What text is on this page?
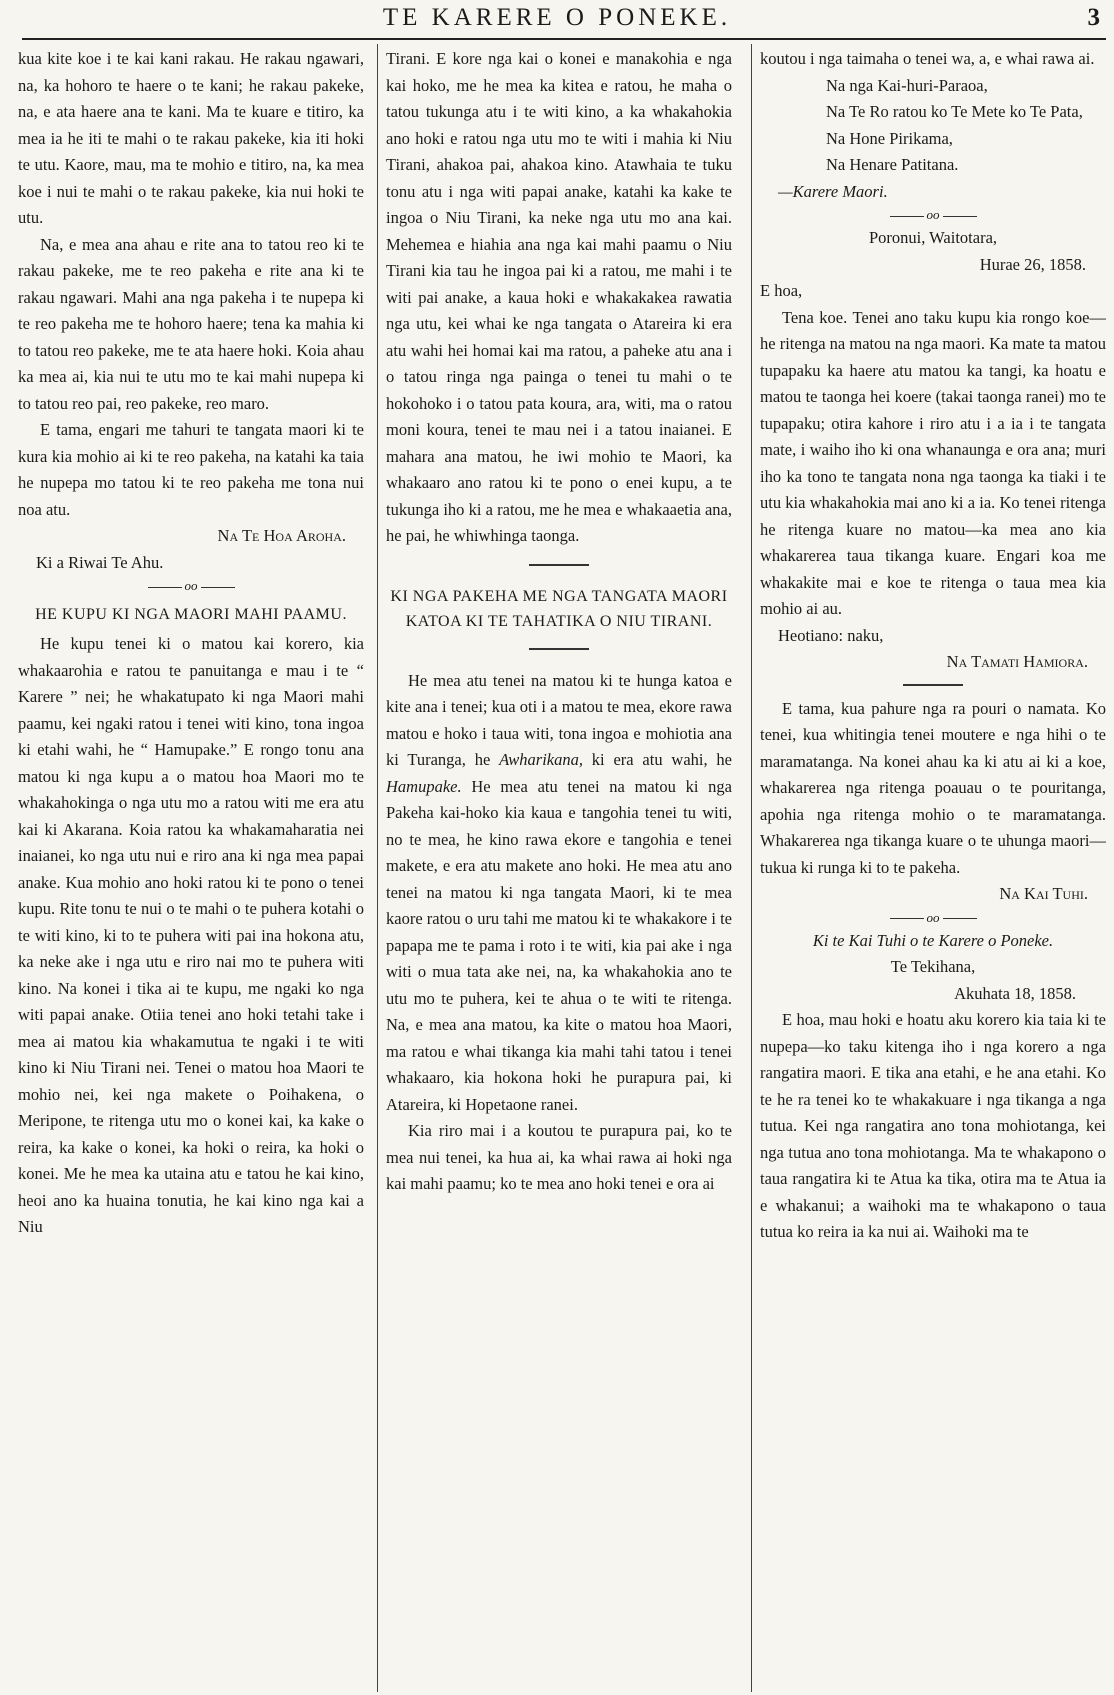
TE KARERE O PONEKE.	3

kua kite koe i te kai kani rakau. He rakau ngawari, na, ka hohoro te haere o te kani; he rakau pakeke, na, e ata haere ana te kani. Ma te kuare e titiro, ka mea ia he iti te mahi o te rakau pakeke, kia iti hoki te utu. Kaore, mau, ma te mohio e titiro, na, ka mea koe i nui te mahi o te rakau pakeke, kia nui hoki te utu.

Na, e mea ana ahau e rite ana to tatou reo ki te rakau pakeke, me te reo pakeha e rite ana ki te rakau ngawari. Mahi ana nga pakeha i te nupepa ki te reo pakeha me te hohoro haere; tena ka mahia ki to tatou reo pakeke, me te ata haere hoki. Koia ahau ka mea ai, kia nui te utu mo te kai mahi nupepa ki to tatou reo pai, reo pakeke, reo maro.

E tama, engari me tahuri te tangata maori ki te kura kia mohio ai ki te reo pakeha, na katahi ka taia he nupepa mo tatou ki te reo pakeha me tona nui noa atu.

Na Te Hoa Aroha.
Ki a Riwai Te Ahu.
oo
HE KUPU KI NGA MAORI MAHI PAAMU.

He kupu tenei ki o matou kai korero, kia whakaarohia e ratou te panuitanga e mau i te “ Karere ” nei; he whakatupato ki nga Maori mahi paamu, kei ngaki ratou i tenei witi kino, tona ingoa ki etahi wahi, he “ Hamupake.” E rongo tonu ana matou ki nga kupu a o matou hoa Maori mo te whakahokinga o nga utu mo a ratou witi me era atu kai ki Akarana. Koia ratou ka whakamaharatia nei inaianei, ko nga utu nui e riro ana ki nga mea papai anake. Kua mohio ano hoki ratou ki te pono o tenei kupu. Rite tonu te nui o te mahi o te puhera kotahi o te witi kino, ki to te puhera witi pai ina hokona atu, ka neke ake i nga utu e riro nai mo te puhera witi kino. Na konei i tika ai te kupu, me ngaki ko nga witi papai anake. Otiia tenei ano hoki tetahi take i mea ai matou kia whakamutua te ngaki i te witi kino ki Niu Tirani nei. Tenei o matou hoa Maori te mohio nei, kei nga makete o Poihakena, o Meripone, te ritenga utu mo o konei kai, ka kake o reira, ka kake o konei, ka hoki o reira, ka hoki o konei. Me he mea ka utaina atu e tatou he kai kino, heoi ano ka huaina tonutia, he kai kino nga kai a Niu

Tirani. E kore nga kai o konei e manakohia e nga kai hoko, me he mea ka kitea e ratou, he maha o tatou tukunga atu i te witi kino, a ka whakahokia ano hoki e ratou nga utu mo te witi i mahia ki Niu Tirani, ahakoa pai, ahakoa kino. Atawhaia te tuku tonu atu i nga witi papai anake, katahi ka kake te ingoa o Niu Tirani, ka neke nga utu mo ana kai. Mehemea e hiahia ana nga kai mahi paamu o Niu Tirani kia tau he ingoa pai ki a ratou, me mahi i te witi pai anake, a kaua hoki e whakakakea rawatia nga utu, kei whai ke nga tangata o Atareira ki era atu wahi hei homai kai ma ratou, a paheke atu ana i o tatou ringa nga painga o tenei tu mahi o te hokohoko i o tatou pata koura, ara, witi, ma o ratou moni koura, tenei te mau nei i a tatou inaianei. E mahara ana matou, he iwi mohio te Maori, ka whakaaro ano ratou ki te pono o enei kupu, a te tukunga iho ki a ratou, me he mea e whakaaetia ana, he pai, he whiwhinga taonga.

KI NGA PAKEHA ME NGA TANGATA MAORI KATOA KI TE TAHATIKA O NIU TIRANI.

He mea atu tenei na matou ki te hunga katoa e kite ana i tenei; kua oti i a matou te mea, ekore rawa matou e hoko i taua witi, tona ingoa e mohiotia ana ki Turanga, he Awharikana, ki era atu wahi, he Hamupake. He mea atu tenei na matou ki nga Pakeha kai-hoko kia kaua e tangohia tenei tu witi, no te mea, he kino rawa ekore e tangohia e tenei makete, e era atu makete ano hoki. He mea atu ano tenei na matou ki nga tangata Maori, ki te mea kaore ratou o uru tahi me matou ki te whakakore i te papapa me te pama i roto i te witi, kia pai ake i nga witi o mua tata ake nei, na, ka whakahokia ano te utu mo te puhera, kei te ahua o te witi te ritenga. Na, e mea ana matou, ka kite o matou hoa Maori, ma ratou e whai tikanga kia mahi tahi tatou i tenei whakaaro, kia hokona hoki he purapura pai, ki Atareira, ki Hopetaone ranei.

Kia riro mai i a koutou te purapura pai, ko te mea nui tenei, ka hua ai, ka whai rawa ai hoki nga kai mahi paamu; ko te mea ano hoki tenei e ora ai

koutou i nga taimaha o tenei wa, a, e whai rawa ai.

Na nga Kai-huri-Paraoa,

Na Te Ro ratou ko Te Mete ko Te Pata,

Na Hone Pirikama,

Na Henare Patitana.

—Karere Maori.
oo
Poronui, Waitotara,
Hurae 26, 1858.
E hoa,

Tena koe. Tenei ano taku kupu kia rongo koe—he ritenga na matou na nga maori. Ka mate ta matou tupapaku ka haere atu matou ka tangi, ka hoatu e matou te taonga hei koere (takai taonga ranei) mo te tupapaku; otira kahore i riro atu i a ia i te tangata mate, i waiho iho ki ona whanaunga e ora ana; muri iho ka tono te tangata nona nga taonga ka tiaki i te utu kia whakahokia mai ano ki a ia. Ko tenei ritenga he ritenga kuare no matou—ka mea ano kia whakarerea taua tikanga kuare. Engari koa me whakakite mai e koe te ritenga o taua mea kia mohio ai au.

Heotiano: naku,
Na Tamati Hamiora.

E tama, kua pahure nga ra pouri o namata. Ko tenei, kua whitingia tenei moutere e nga hihi o te maramatanga. Na konei ahau ka ki atu ai ki a koe, whakarerea nga ritenga poauau o te pouritanga, apohia nga ritenga mohio o te maramatanga. Whakarerea nga tikanga kuare o te uhunga maori—tukua ki runga ki to te pakeha.

Na Kai Tuhi.
oo
Ki te Kai Tuhi o te Karere o Poneke.
Te Tekihana,
Akuhata 18, 1858.

E hoa, mau hoki e hoatu aku korero kia taia ki te nupepa—ko taku kitenga iho i nga korero a nga rangatira maori. E tika ana etahi, e he ana etahi. Ko te he ra tenei ko te whakakuare i nga tikanga a nga tutua. Kei nga rangatira ano tona mohiotanga, kei nga tutua ano tona mohiotanga. Ma te whakapono o taua rangatira ki te Atua ka tika, otira ma te Atua ia e whakanui; a waihoki ma te whakapono o taua tutua ko reira ia ka nui ai. Waihoki ma te
